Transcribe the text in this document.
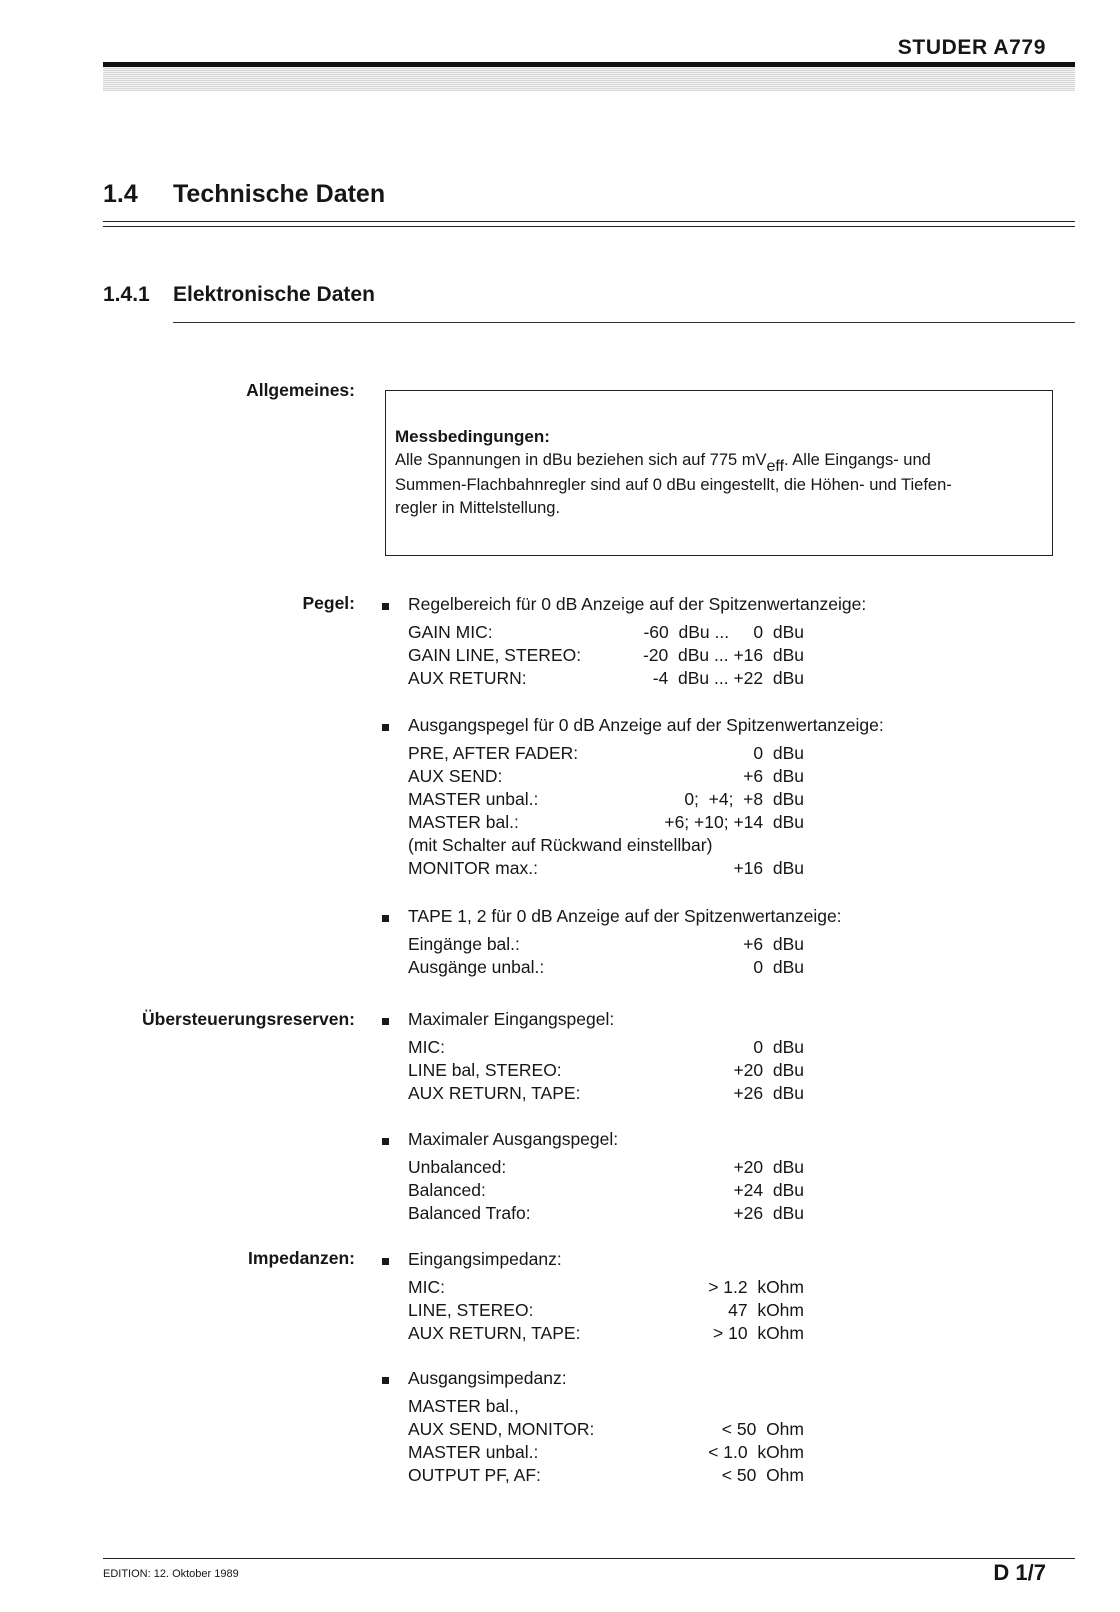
STUDER A779
1.4 Technische Daten
1.4.1 Elektronische Daten
Allgemeines:
Pegel:
Übersteuerungsreserven:
Impedanzen:
Messbedingungen:
Alle Spannungen in dBu beziehen sich auf 775 mVeff. Alle Eingangs- und
Summen-Flachbahnregler sind auf 0 dBu eingestellt, die Höhen- und Tiefen-
regler in Mittelstellung.
Regelbereich für 0 dB Anzeige auf der Spitzenwertanzeige:
GAIN MIC:	-60  dBu ...     0  dBu
GAIN LINE, STEREO:	-20  dBu ... +16  dBu
AUX RETURN:	-4  dBu ... +22  dBu
Ausgangspegel für 0 dB Anzeige auf der Spitzenwertanzeige:
PRE, AFTER FADER:	0  dBu
AUX SEND:	+6  dBu
MASTER unbal.:	0;  +4;  +8  dBu
MASTER bal.:	+6; +10; +14  dBu
(mit Schalter auf Rückwand einstellbar)
MONITOR max.:	+16  dBu
TAPE 1, 2 für 0 dB Anzeige auf der Spitzenwertanzeige:
Eingänge bal.:	+6  dBu
Ausgänge unbal.:	0  dBu
Maximaler Eingangspegel:
MIC:	0  dBu
LINE bal, STEREO:	+20  dBu
AUX RETURN, TAPE:	+26  dBu
Maximaler Ausgangspegel:
Unbalanced:	+20  dBu
Balanced:	+24  dBu
Balanced Trafo:	+26  dBu
Eingangsimpedanz:
MIC:	> 1.2  kOhm
LINE, STEREO:	47  kOhm
AUX RETURN, TAPE:	> 10  kOhm
Ausgangsimpedanz:
MASTER bal.,
AUX SEND, MONITOR:	< 50  Ohm
MASTER unbal.:	< 1.0  kOhm
OUTPUT PF, AF:	< 50  Ohm
EDITION: 12. Oktober 1989	D 1/7
